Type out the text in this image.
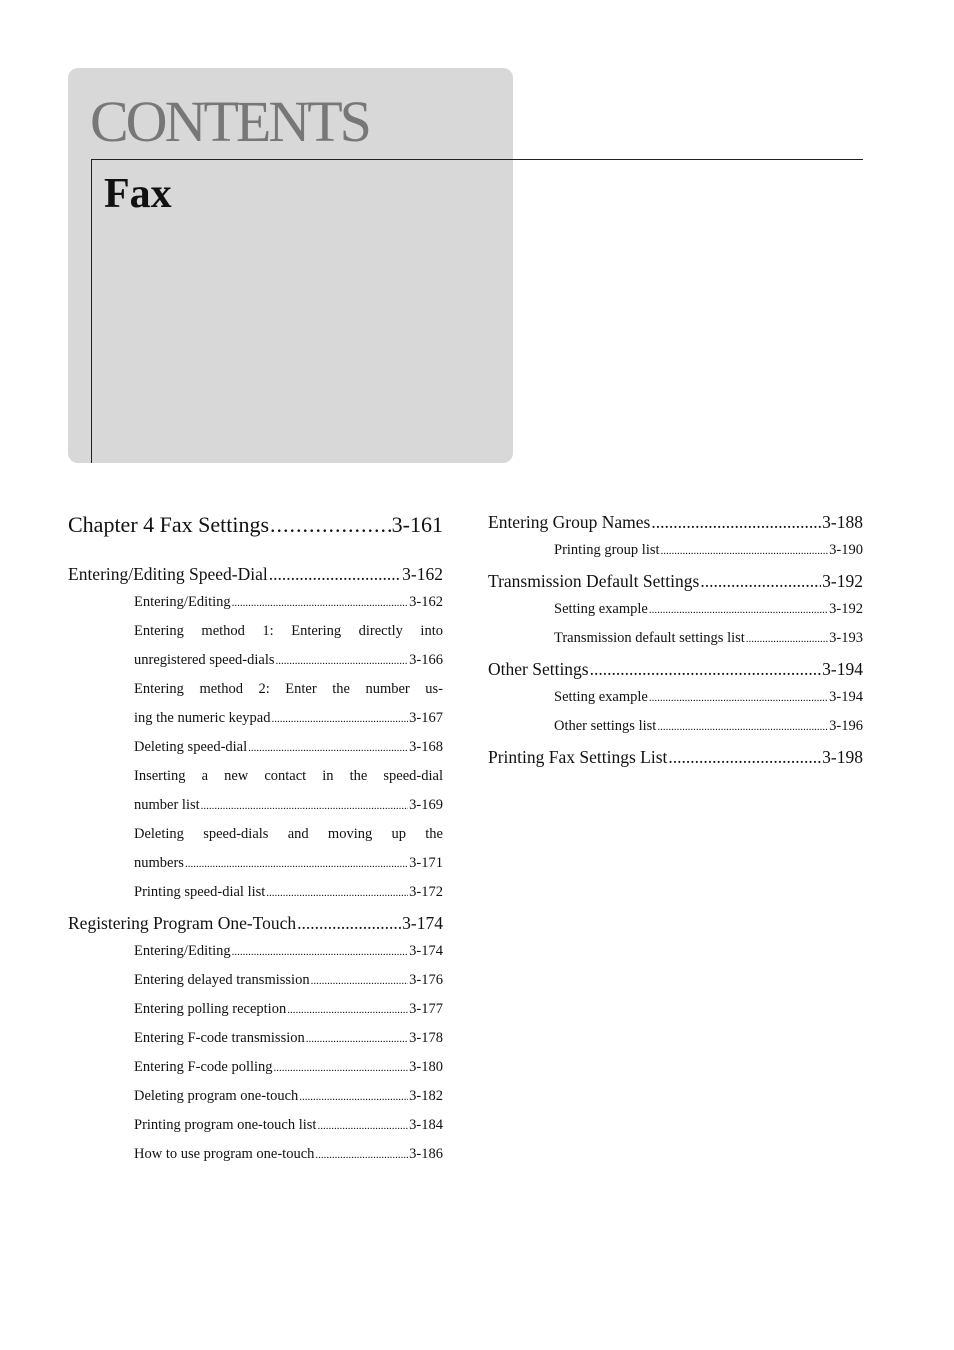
CONTENTS
Fax
Chapter 4 Fax Settings .....	3-161
Entering/Editing Speed-Dial .....	3-162
Entering/Editing .....	3-162
Entering method 1: Entering directly into
unregistered speed-dials .....	3-166
Entering method 2: Enter the number us-
ing the numeric keypad .....	3-167
Deleting speed-dial .....	3-168
Inserting a new contact in the speed-dial
number list .....	3-169
Deleting speed-dials and moving up the
numbers .....	3-171
Printing speed-dial list .....	3-172
Registering Program One-Touch .....	3-174
Entering/Editing .....	3-174
Entering delayed transmission .....	3-176
Entering polling reception .....	3-177
Entering F-code transmission .....	3-178
Entering F-code polling .....	3-180
Deleting program one-touch .....	3-182
Printing program one-touch list .....	3-184
How to use program one-touch .....	3-186
Entering Group Names .....	3-188
Printing group list .....	3-190
Transmission Default Settings .....	3-192
Setting example .....	3-192
Transmission default settings list .....	3-193
Other Settings .....	3-194
Setting example .....	3-194
Other settings list .....	3-196
Printing Fax Settings List .....	3-198
